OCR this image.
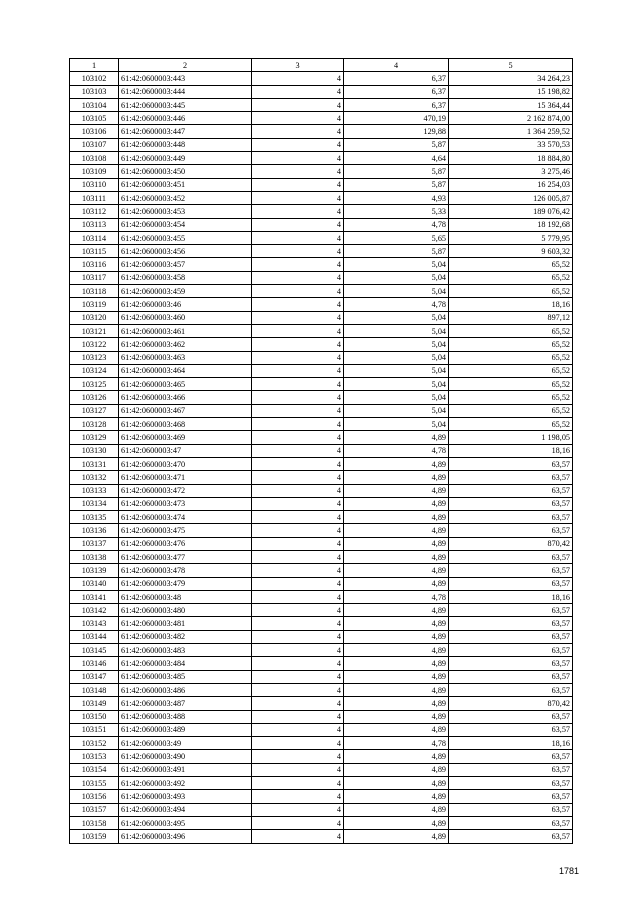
1	2	3	4	5
103102	61:42:0600003:443	4	6,37	34 264,23
103103	61:42:0600003:444	4	6,37	15 198,82
103104	61:42:0600003:445	4	6,37	15 364,44
103105	61:42:0600003:446	4	470,19	2 162 874,00
103106	61:42:0600003:447	4	129,88	1 364 259,52
103107	61:42:0600003:448	4	5,87	33 570,53
103108	61:42:0600003:449	4	4,64	18 884,80
103109	61:42:0600003:450	4	5,87	3 275,46
103110	61:42:0600003:451	4	5,87	16 254,03
103111	61:42:0600003:452	4	4,93	126 005,87
103112	61:42:0600003:453	4	5,33	189 076,42
103113	61:42:0600003:454	4	4,78	18 192,68
103114	61:42:0600003:455	4	5,65	5 779,95
103115	61:42:0600003:456	4	5,87	9 603,32
103116	61:42:0600003:457	4	5,04	65,52
103117	61:42:0600003:458	4	5,04	65,52
103118	61:42:0600003:459	4	5,04	65,52
103119	61:42:0600003:46	4	4,78	18,16
103120	61:42:0600003:460	4	5,04	897,12
103121	61:42:0600003:461	4	5,04	65,52
103122	61:42:0600003:462	4	5,04	65,52
103123	61:42:0600003:463	4	5,04	65,52
103124	61:42:0600003:464	4	5,04	65,52
103125	61:42:0600003:465	4	5,04	65,52
103126	61:42:0600003:466	4	5,04	65,52
103127	61:42:0600003:467	4	5,04	65,52
103128	61:42:0600003:468	4	5,04	65,52
103129	61:42:0600003:469	4	4,89	1 198,05
103130	61:42:0600003:47	4	4,78	18,16
103131	61:42:0600003:470	4	4,89	63,57
103132	61:42:0600003:471	4	4,89	63,57
103133	61:42:0600003:472	4	4,89	63,57
103134	61:42:0600003:473	4	4,89	63,57
103135	61:42:0600003:474	4	4,89	63,57
103136	61:42:0600003:475	4	4,89	63,57
103137	61:42:0600003:476	4	4,89	870,42
103138	61:42:0600003:477	4	4,89	63,57
103139	61:42:0600003:478	4	4,89	63,57
103140	61:42:0600003:479	4	4,89	63,57
103141	61:42:0600003:48	4	4,78	18,16
103142	61:42:0600003:480	4	4,89	63,57
103143	61:42:0600003:481	4	4,89	63,57
103144	61:42:0600003:482	4	4,89	63,57
103145	61:42:0600003:483	4	4,89	63,57
103146	61:42:0600003:484	4	4,89	63,57
103147	61:42:0600003:485	4	4,89	63,57
103148	61:42:0600003:486	4	4,89	63,57
103149	61:42:0600003:487	4	4,89	870,42
103150	61:42:0600003:488	4	4,89	63,57
103151	61:42:0600003:489	4	4,89	63,57
103152	61:42:0600003:49	4	4,78	18,16
103153	61:42:0600003:490	4	4,89	63,57
103154	61:42:0600003:491	4	4,89	63,57
103155	61:42:0600003:492	4	4,89	63,57
103156	61:42:0600003:493	4	4,89	63,57
103157	61:42:0600003:494	4	4,89	63,57
103158	61:42:0600003:495	4	4,89	63,57
103159	61:42:0600003:496	4	4,89	63,57
1781
